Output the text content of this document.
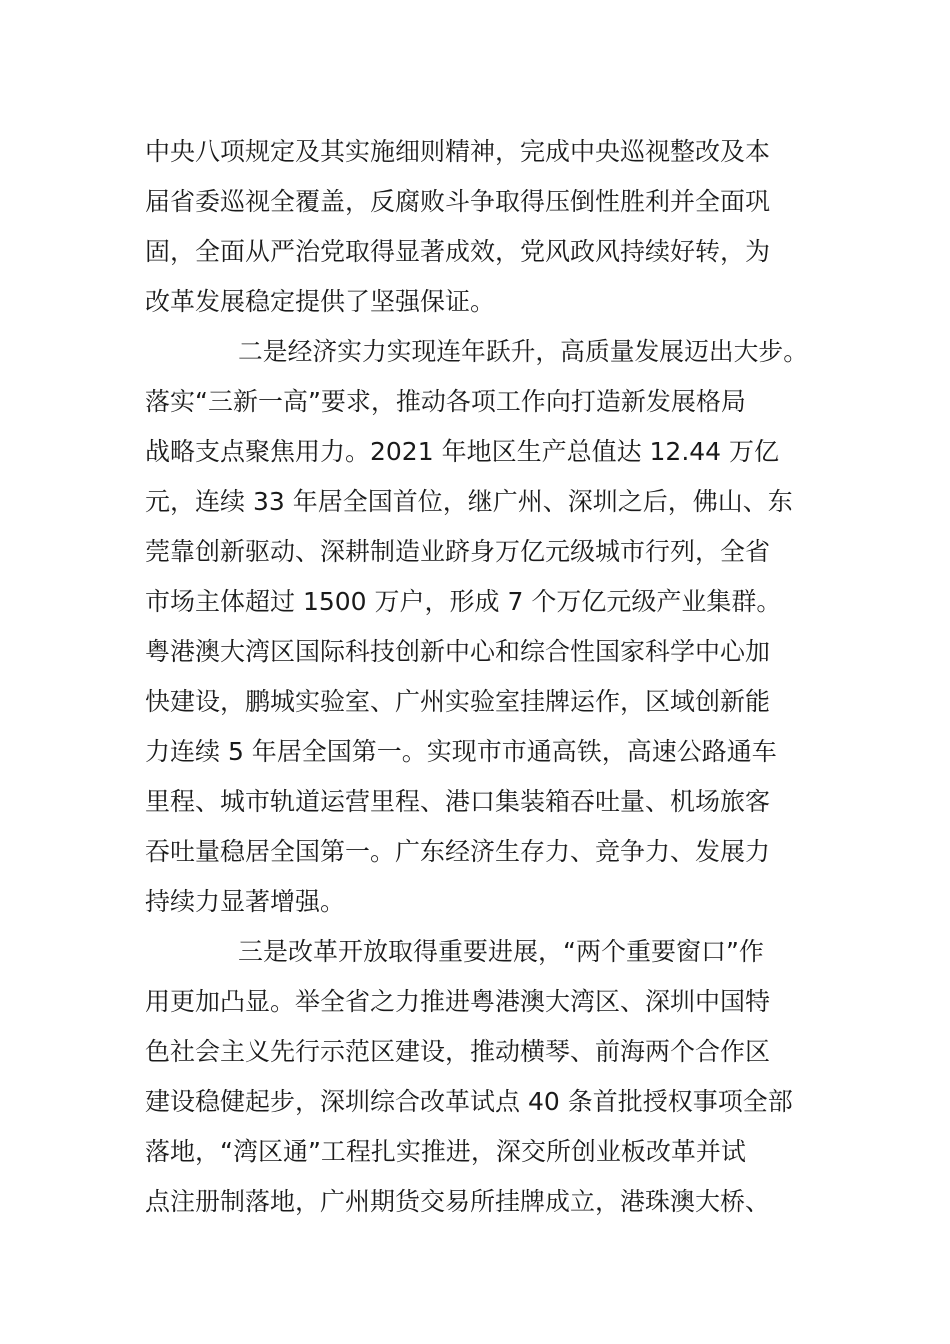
中央八项规定及其实施细则精神，完成中央巡视整改及本
届省委巡视全覆盖，反腐败斗争取得压倒性胜利并全面巩
固，全面从严治党取得显著成效，党风政风持续好转，为
改革发展稳定提供了坚强保证。
二是经济实力实现连年跃升，高质量发展迈出大步。
落实“三新一高”要求，推动各项工作向打造新发展格局
战略支点聚焦用力。2021 年地区生产总值达 12.44 万亿
元，连续 33 年居全国首位，继广州、深圳之后，佛山、东
莞靠创新驱动、深耕制造业跻身万亿元级城市行列，全省
市场主体超过 1500 万户，形成 7 个万亿元级产业集群。
粤港澳大湾区国际科技创新中心和综合性国家科学中心加
快建设，鹏城实验室、广州实验室挂牌运作，区域创新能
力连续 5 年居全国第一。实现市市通高铁，高速公路通车
里程、城市轨道运营里程、港口集装箱吞吐量、机场旅客
吞吐量稳居全国第一。广东经济生存力、竞争力、发展力
持续力显著增强。
三是改革开放取得重要进展，“两个重要窗口”作
用更加凸显。举全省之力推进粤港澳大湾区、深圳中国特
色社会主义先行示范区建设，推动横琴、前海两个合作区
建设稳健起步，深圳综合改革试点 40 条首批授权事项全部
落地，“湾区通”工程扎实推进，深交所创业板改革并试
点注册制落地，广州期货交易所挂牌成立，港珠澳大桥、
